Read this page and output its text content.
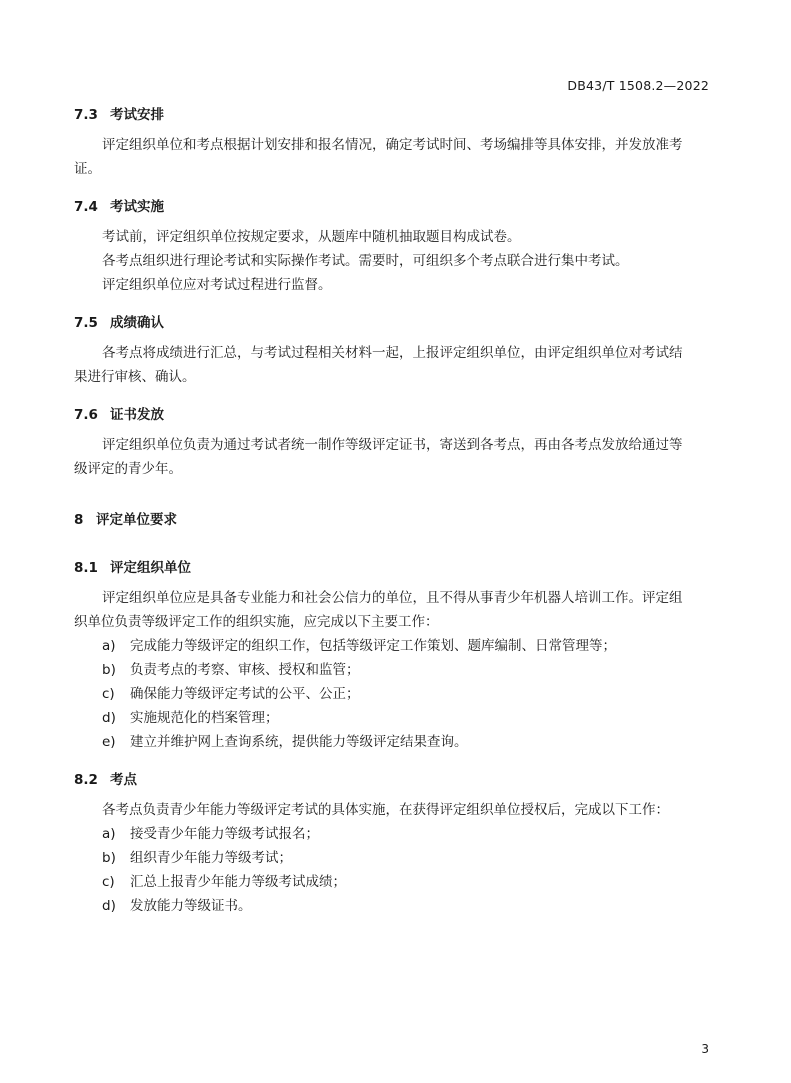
DB43/T 1508.2—2022
7.3 考试安排
评定组织单位和考点根据计划安排和报名情况，确定考试时间、考场编排等具体安排，并发放准考
证。
7.4 考试实施
考试前，评定组织单位按规定要求，从题库中随机抽取题目构成试卷。
各考点组织进行理论考试和实际操作考试。需要时，可组织多个考点联合进行集中考试。
评定组织单位应对考试过程进行监督。
7.5 成绩确认
各考点将成绩进行汇总，与考试过程相关材料一起，上报评定组织单位，由评定组织单位对考试结
果进行审核、确认。
7.6 证书发放
评定组织单位负责为通过考试者统一制作等级评定证书，寄送到各考点，再由各考点发放给通过等
级评定的青少年。
8 评定单位要求
8.1 评定组织单位
评定组织单位应是具备专业能力和社会公信力的单位，且不得从事青少年机器人培训工作。评定组
织单位负责等级评定工作的组织实施，应完成以下主要工作：
a) 完成能力等级评定的组织工作，包括等级评定工作策划、题库编制、日常管理等；
b) 负责考点的考察、审核、授权和监管；
c) 确保能力等级评定考试的公平、公正；
d) 实施规范化的档案管理；
e) 建立并维护网上查询系统，提供能力等级评定结果查询。
8.2 考点
各考点负责青少年能力等级评定考试的具体实施，在获得评定组织单位授权后，完成以下工作：
a) 接受青少年能力等级考试报名；
b) 组织青少年能力等级考试；
c) 汇总上报青少年能力等级考试成绩；
d) 发放能力等级证书。
3
